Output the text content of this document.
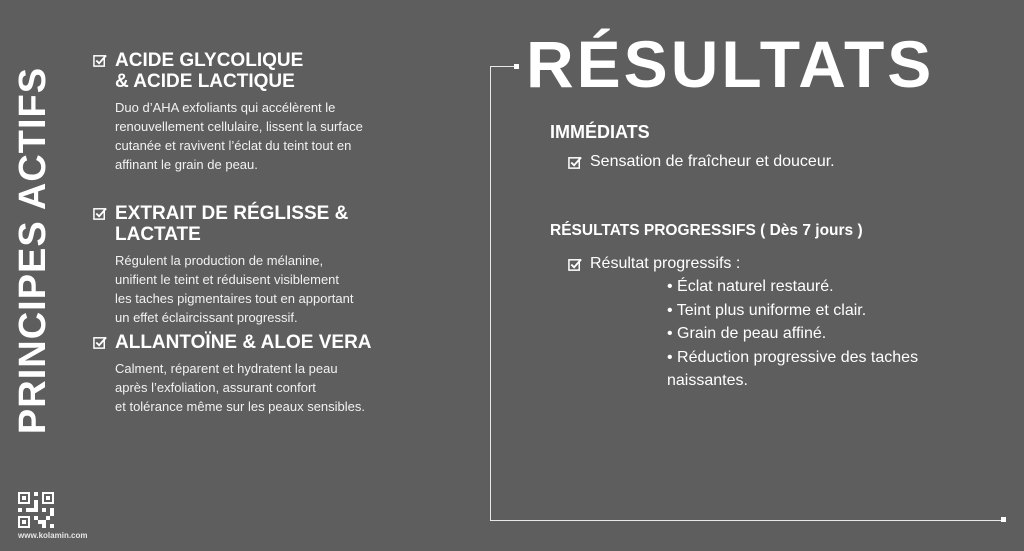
PRINCIPES ACTIFS
www.kolamin.com
ACIDE GLYCOLIQUE
& ACIDE LACTIQUE
Duo d’AHA exfoliants qui accélèrent le
renouvellement cellulaire, lissent la surface
cutanée et ravivent l’éclat du teint tout en
affinant le grain de peau.
EXTRAIT DE RÉGLISSE & LACTATE
Régulent la production de mélanine,
unifient le teint et réduisent visiblement
les taches pigmentaires tout en apportant
un effet éclaircissant progressif.
ALLANTOÏNE & ALOE VERA
Calment, réparent et hydratent la peau
après l’exfoliation, assurant confort
et tolérance même sur les peaux sensibles.
RÉSULTATS
IMMÉDIATS
Sensation de fraîcheur et douceur.
RÉSULTATS PROGRESSIFS ( Dès 7 jours )
Résultat progressifs :
• Éclat naturel restauré.
• Teint plus uniforme et clair.
• Grain de peau affiné.
• Réduction progressive des taches
naissantes.
